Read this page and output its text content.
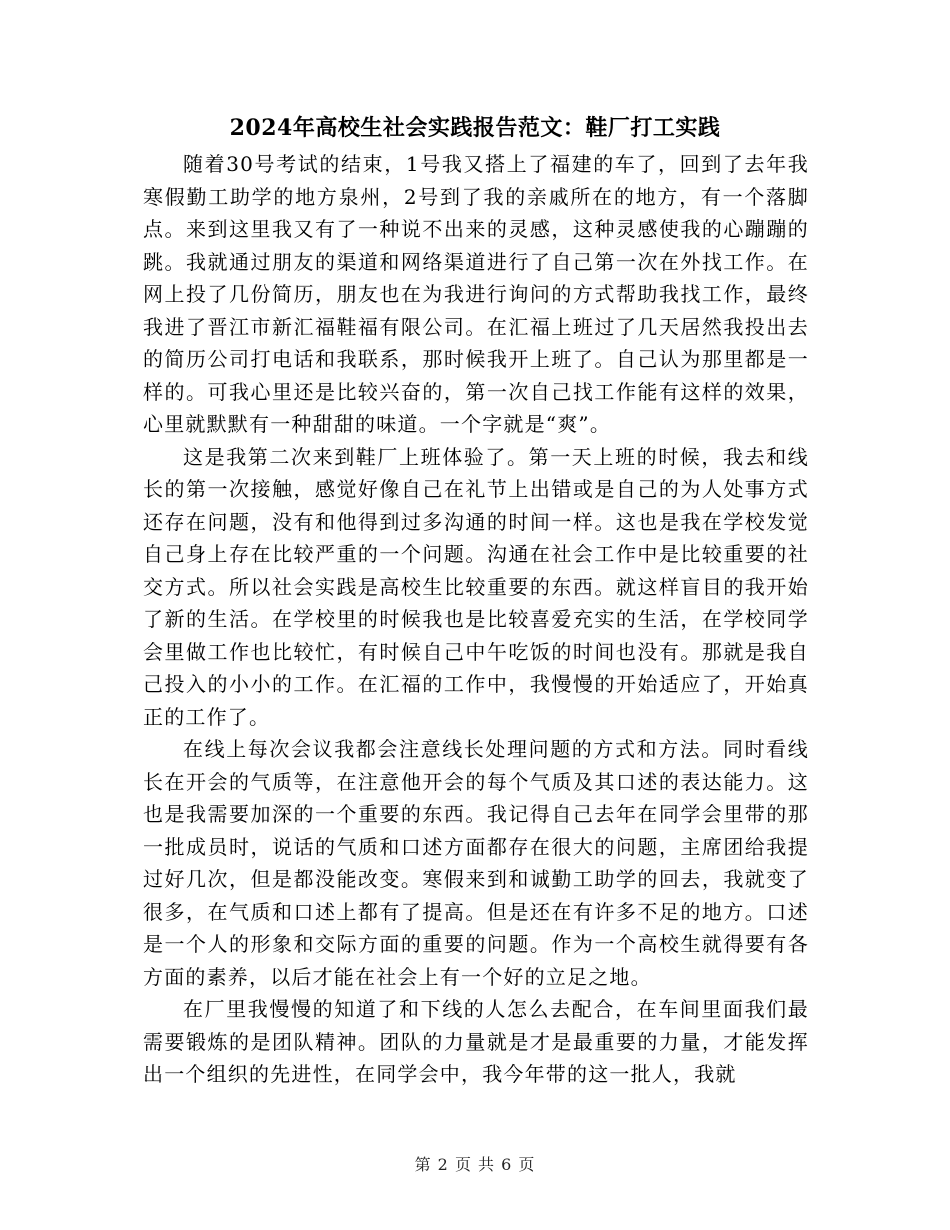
2024年高校生社会实践报告范文：鞋厂打工实践

随着30号考试的结束，1号我又搭上了福建的车了，回到了去年我寒假勤工助学的地方泉州，2号到了我的亲戚所在的地方，有一个落脚点。来到这里我又有了一种说不出来的灵感，这种灵感使我的心蹦蹦的跳。我就通过朋友的渠道和网络渠道进行了自己第一次在外找工作。在网上投了几份简历，朋友也在为我进行询问的方式帮助我找工作，最终我进了晋江市新汇福鞋福有限公司。在汇福上班过了几天居然我投出去的简历公司打电话和我联系，那时候我开上班了。自己认为那里都是一样的。可我心里还是比较兴奋的，第一次自己找工作能有这样的效果，心里就默默有一种甜甜的味道。一个字就是“爽”。

这是我第二次来到鞋厂上班体验了。第一天上班的时候，我去和线长的第一次接触，感觉好像自己在礼节上出错或是自己的为人处事方式还存在问题，没有和他得到过多沟通的时间一样。这也是我在学校发觉自己身上存在比较严重的一个问题。沟通在社会工作中是比较重要的社交方式。所以社会实践是高校生比较重要的东西。就这样盲目的我开始了新的生活。在学校里的时候我也是比较喜爱充实的生活，在学校同学会里做工作也比较忙，有时候自己中午吃饭的时间也没有。那就是我自己投入的小小的工作。在汇福的工作中，我慢慢的开始适应了，开始真正的工作了。

在线上每次会议我都会注意线长处理问题的方式和方法。同时看线长在开会的气质等，在注意他开会的每个气质及其口述的表达能力。这也是我需要加深的一个重要的东西。我记得自己去年在同学会里带的那一批成员时，说话的气质和口述方面都存在很大的问题，主席团给我提过好几次，但是都没能改变。寒假来到和诚勤工助学的回去，我就变了很多，在气质和口述上都有了提高。但是还在有许多不足的地方。口述是一个人的形象和交际方面的重要的问题。作为一个高校生就得要有各方面的素养，以后才能在社会上有一个好的立足之地。

在厂里我慢慢的知道了和下线的人怎么去配合，在车间里面我们最需要锻炼的是团队精神。团队的力量就是才是最重要的力量，才能发挥出一个组织的先进性，在同学会中，我今年带的这一批人，我就

第 2 页 共 6 页
